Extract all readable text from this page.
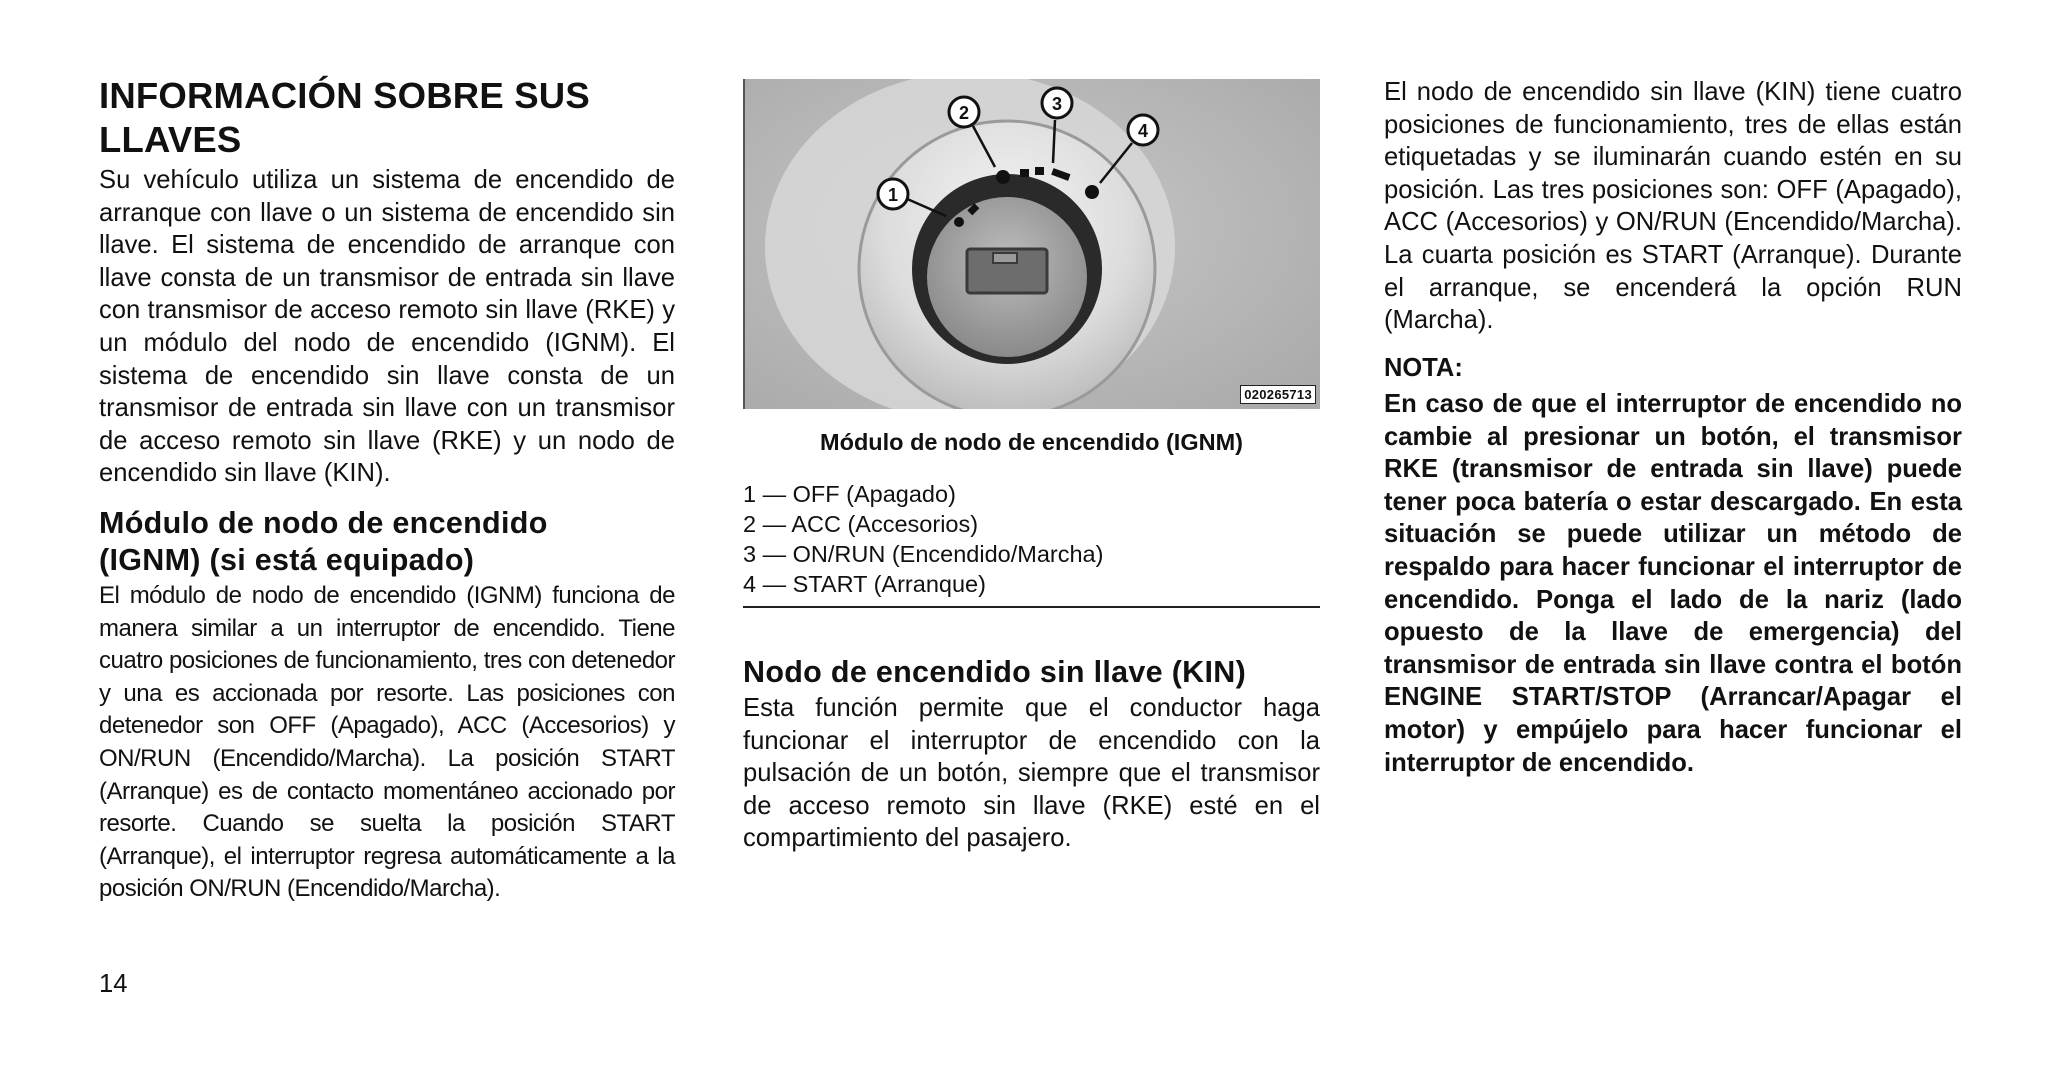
INFORMACIÓN SOBRE SUS
LLAVES

Su vehículo utiliza un sistema de encendido de arranque con llave o un sistema de encendido sin llave. El sistema de encendido de arranque con llave consta de un transmisor de entrada sin llave con transmisor de acceso remoto sin llave (RKE) y un módulo del nodo de encendido (IGNM). El sistema de encendido sin llave consta de un transmisor de entrada sin llave con un transmisor de acceso remoto sin llave (RKE) y un nodo de encendido sin llave (KIN).

Módulo de nodo de encendido
(IGNM) (si está equipado)

El módulo de nodo de encendido (IGNM) funciona de manera similar a un interruptor de encendido. Tiene cuatro posiciones de funcionamiento, tres con detenedor y una es accionada por resorte. Las posiciones con detenedor son OFF (Apagado), ACC (Accesorios) y ON/RUN (Encendido/Marcha). La posición START (Arranque) es de contacto momentáneo accionado por resorte. Cuando se suelta la posición START (Arranque), el interruptor regresa automáticamente a la posición ON/RUN (Encendido/Marcha).

14
1
2	3
4
020265713

Módulo de nodo de encendido (IGNM)

1 — OFF (Apagado)
2 — ACC (Accesorios)
3 — ON/RUN (Encendido/Marcha)
4 — START (Arranque)
Nodo de encendido sin llave (KIN)

Esta función permite que el conductor haga funcionar el interruptor de encendido con la pulsación de un botón, siempre que el transmisor de acceso remoto sin llave (RKE) esté en el compartimiento del pasajero.

El nodo de encendido sin llave (KIN) tiene cuatro posiciones de funcionamiento, tres de ellas están etiquetadas y se iluminarán cuando estén en su posición. Las tres posiciones son: OFF (Apagado), ACC (Accesorios) y ON/RUN (Encendido/Marcha). La cuarta posición es START (Arranque). Durante el arranque, se encenderá la opción RUN (Marcha).

NOTA:

En caso de que el interruptor de encendido no cambie al presionar un botón, el transmisor RKE (transmisor de entrada sin llave) puede tener poca batería o estar descargado. En esta situación se puede utilizar un método de respaldo para hacer funcionar el interruptor de encendido. Ponga el lado de la nariz (lado opuesto de la llave de emergencia) del transmisor de entrada sin llave contra el botón ENGINE START/STOP (Arrancar/Apagar el motor) y empújelo para hacer funcionar el interruptor de encendido.
